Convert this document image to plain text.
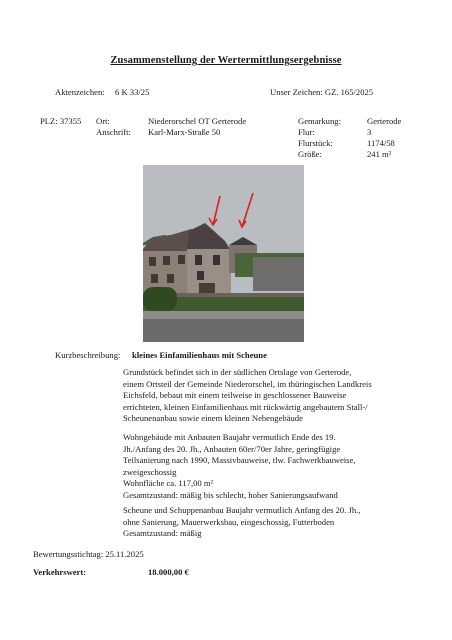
Zusammenstellung der Wertermittlungsergebnisse
Aktenzeichen: 6 K 33/25	Unser Zeichen: GZ. 165/2025
PLZ: 37355 Ort:	Niederorschel OT Gerterode
Anschrift: Karl-Marx-Straße 50
Gemarkung:	Gerterode
Flur:	3
Flurstück:	1174/58
Größe:	241 m²
Kurzbeschreibung: kleines Einfamilienhaus mit Scheune
Grundstück befindet sich in der südlichen Ortslage von Gerterode,
einem Ortsteil der Gemeinde Niederorschel, im thüringischen Landkreis
Eichsfeld, bebaut mit einem teilweise in geschlossener Bauweise
errichteten, kleinen Einfamilienhaus mit rückwärtig angebautem Stall-/
Scheunenanbau sowie einem kleinen Nebengebäude
Wohngebäude mit Anbauten Baujahr vermutlich Ende des 19.
Jh./Anfang des 20. Jh., Anbauten 60er/70er Jahre, geringfügige
Teilsanierung nach 1990, Massivbauweise, tlw. Fachwerkbauweise,
zweigeschossig
Wohnfläche ca. 117,00 m²
Gesamtzustand: mäßig bis schlecht, hoher Sanierungsaufwand
Scheune und Schuppenanbau Baujahr vermutlich Anfang des 20. Jh.,
ohne Sanierung, Mauerwerksbau, eingeschossig, Futterboden
Gesamtzustand: mäßig
Bewertungsstichtag: 25.11.2025
Verkehrswert:	18.000,00 €
